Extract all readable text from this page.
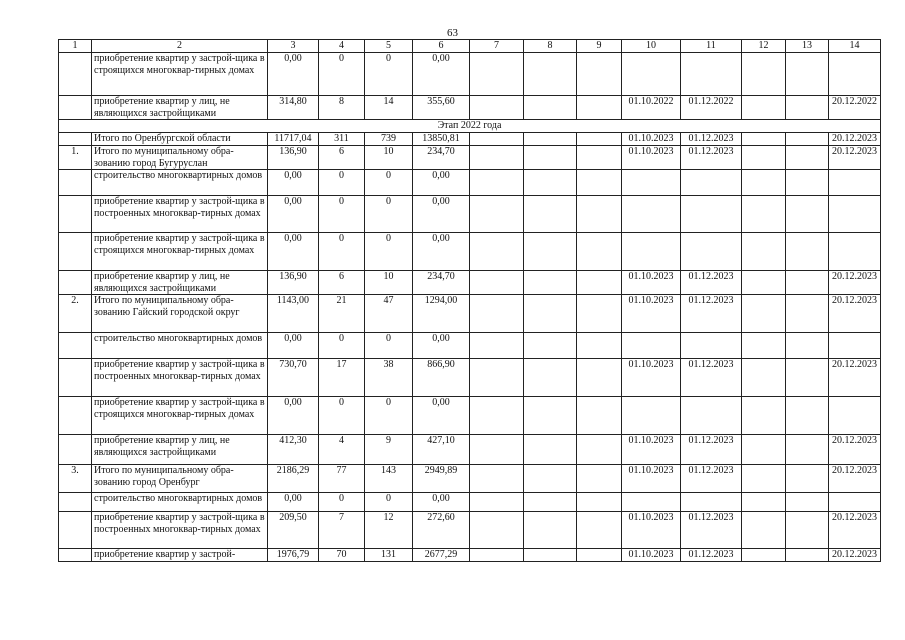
63
1	2	3	4	5	6	7	8	9	10	11	12	13	14
	приобретение квартир у застрой-щика в строящихся многоквар-тирных домах	0,00	0	0	0,00								
	приобретение квартир у лиц, не являющихся застройщиками	314,80	8	14	355,60				01.10.2022	01.12.2022			20.12.2022
Этап 2022 года													
	Итого по Оренбургской области	11717,04	311	739	13850,81				01.10.2023	01.12.2023			20.12.2023
1.	Итого по муниципальному обра-зованию город Бугуруслан	136,90	6	10	234,70				01.10.2023	01.12.2023			20.12.2023
	строительство многоквартирных домов	0,00	0	0	0,00								
	приобретение квартир у застрой-щика в построенных многоквар-тирных домах	0,00	0	0	0,00								
	приобретение квартир у застрой-щика в строящихся многоквар-тирных домах	0,00	0	0	0,00								
	приобретение квартир у лиц, не являющихся застройщиками	136,90	6	10	234,70				01.10.2023	01.12.2023			20.12.2023
2.	Итого по муниципальному обра-зованию Гайский городской округ	1143,00	21	47	1294,00				01.10.2023	01.12.2023			20.12.2023
	строительство многоквартирных домов	0,00	0	0	0,00								
	приобретение квартир у застрой-щика в построенных многоквар-тирных домах	730,70	17	38	866,90				01.10.2023	01.12.2023			20.12.2023
	приобретение квартир у застрой-щика в строящихся многоквар-тирных домах	0,00	0	0	0,00								
	приобретение квартир у лиц, не являющихся застройщиками	412,30	4	9	427,10				01.10.2023	01.12.2023			20.12.2023
3.	Итого по муниципальному обра-зованию город Оренбург	2186,29	77	143	2949,89				01.10.2023	01.12.2023			20.12.2023
	строительство многоквартирных домов	0,00	0	0	0,00								
	приобретение квартир у застрой-щика в построенных многоквар-тирных домах	209,50	7	12	272,60				01.10.2023	01.12.2023			20.12.2023
	приобретение квартир у застрой-	1976,79	70	131	2677,29				01.10.2023	01.12.2023			20.12.2023
